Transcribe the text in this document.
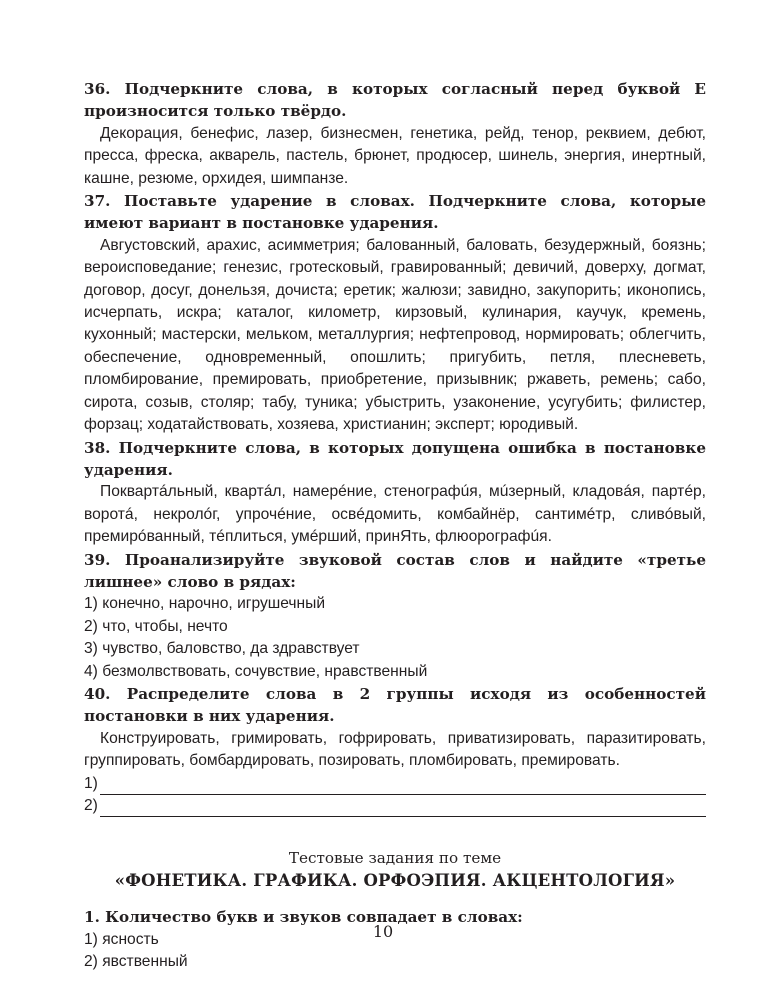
36. Подчеркните слова, в которых согласный перед буквой Е произносится только твёрдо.
Декорация, бенефис, лазер, бизнесмен, генетика, рейд, тенор, реквием, дебют, пресса, фреска, акварель, пастель, брюнет, продюсер, шинель, энергия, инертный, кашне, резюме, орхидея, шимпанзе.
37. Поставьте ударение в словах. Подчеркните слова, которые имеют вариант в постановке ударения.
Августовский, арахис, асимметрия; балованный, баловать, безудержный, боязнь; вероисповедание; генезис, гротесковый, гравированный; девичий, доверху, догмат, договор, досуг, донельзя, дочиста; еретик; жалюзи; завидно, закупорить; иконопись, исчерпать, искра; каталог, километр, кирзовый, кулинария, каучук, кремень, кухонный; мастерски, мельком, металлургия; нефтепровод, нормировать; облегчить, обеспечение, одновременный, опошлить; пригубить, петля, плесневеть, пломбирование, премировать, приобретение, призывник; ржаветь, ремень; сабо, сирота, созыв, столяр; табу, туника; убыстрить, узаконение, усугубить; филистер, форзац; ходатайствовать, хозяева, христианин; эксперт; юродивый.
38. Подчеркните слова, в которых допущена ошибка в постановке ударения.
Поквартáльный, квартáл, намерéние, стенографúя, мúзерный, кладовáя, партéр, воротá, некролóг, упрочéние, освéдомить, комбайнёр, сантимéтр, сливóвый, премирóванный, тéплиться, умéрший, принЯть, флюорографúя.
39. Проанализируйте звуковой состав слов и найдите «третье лишнее» слово в рядах:
1) конечно, нарочно, игрушечный
2) что, чтобы, нечто
3) чувство, баловство, да здравствует
4) безмолвствовать, сочувствие, нравственный
40. Распределите слова в 2 группы исходя из особенностей постановки в них ударения.
Конструировать, гримировать, гофрировать, приватизировать, паразитировать, группировать, бомбардировать, позировать, пломбировать, премировать.
1)
2)
Тестовые задания по теме
«ФОНЕТИКА. ГРАФИКА. ОРФОЭПИЯ. АКЦЕНТОЛОГИЯ»
1. Количество букв и звуков совпадает в словах:
1) ясность
2) явственный
10
